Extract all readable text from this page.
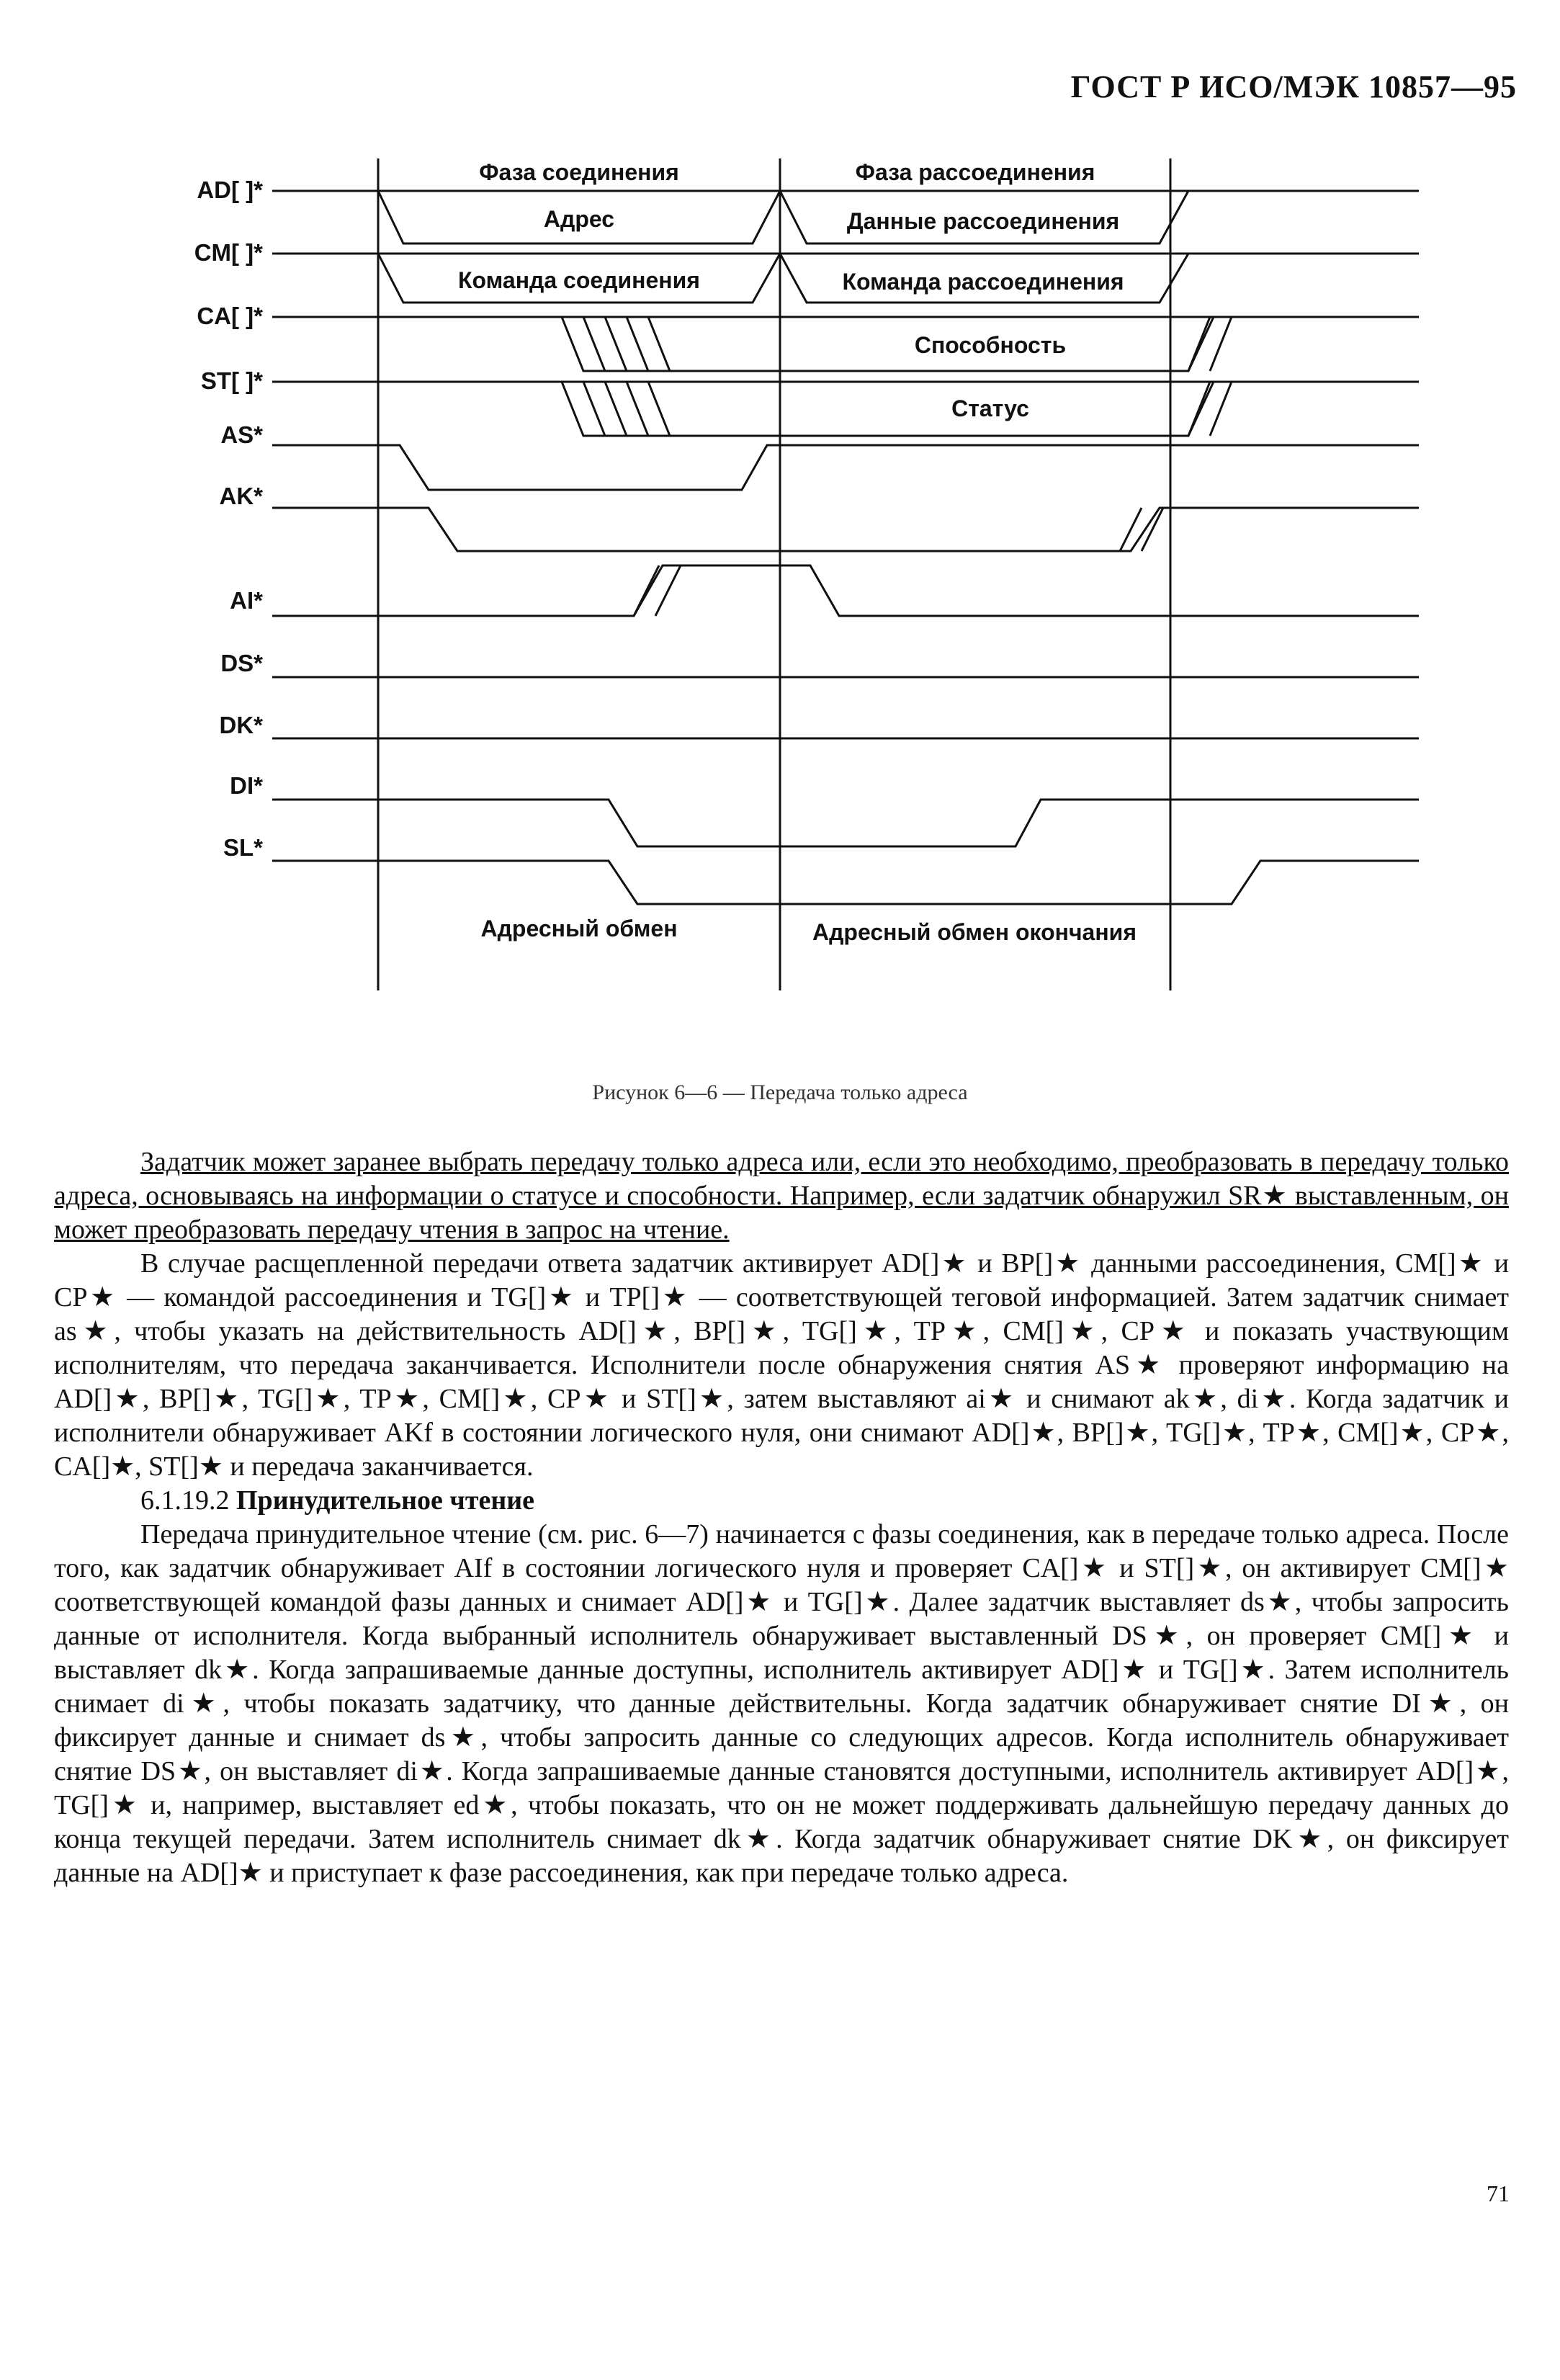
ГОСТ Р ИСО/МЭК 10857—95
AD[ ]*
CM[ ]*
CA[ ]*
ST[ ]*
AS*
AK*
AI*
DS*
DK*
DI*
SL*
Фаза соединения	Фаза рассоединения
Адрес	Данные рассоединения
Команда соединения	Команда рассоединения
Способность
Статус
Адресный обмен	Адресный обмен окончания
Рисунок 6—6 — Передача только адреса

Задатчик может заранее выбрать передачу только адреса или, если это необходимо, преобразовать в передачу только адреса, основываясь на информации о статусе и способности. Например, если задатчик обнаружил SR★ выставленным, он может преобразовать передачу чтения в запрос на чтение.

В случае расщепленной передачи ответа задатчик активирует AD[]★ и BP[]★ данными рассоединения, CM[]★ и CP★ — командой рассоединения и TG[]★ и TP[]★ — соответствующей теговой информацией. Затем задатчик снимает as★, чтобы указать на действительность AD[]★, BP[]★, TG[]★, TP★, CM[]★, CP★ и показать участвующим исполнителям, что передача заканчивается. Исполнители после обнаружения снятия AS★ проверяют информацию на AD[]★, BP[]★, TG[]★, TP★, CM[]★, CP★ и ST[]★, затем выставляют ai★ и снимают ak★, di★. Когда задатчик и исполнители обнаруживает AKf в состоянии логического нуля, они снимают AD[]★, BP[]★, TG[]★, TP★, CM[]★, CP★, CA[]★, ST[]★ и передача заканчивается.

6.1.19.2 Принудительное чтение

Передача принудительное чтение (см. рис. 6—7) начинается с фазы соединения, как в передаче только адреса. После того, как задатчик обнаруживает AIf в состоянии логического нуля и проверяет CA[]★ и ST[]★, он активирует CM[]★ соответствующей командой фазы данных и снимает AD[]★ и TG[]★. Далее задатчик выставляет ds★, чтобы запросить данные от исполнителя. Когда выбранный исполнитель обнаруживает выставленный DS★, он проверяет CM[]★ и выставляет dk★. Когда запрашиваемые данные доступны, исполнитель активирует AD[]★ и TG[]★. Затем исполнитель снимает di★, чтобы показать задатчику, что данные действительны. Когда задатчик обнаруживает снятие DI★, он фиксирует данные и снимает ds★, чтобы запросить данные со следующих адресов. Когда исполнитель обнаруживает снятие DS★, он выставляет di★. Когда запрашиваемые данные становятся доступными, исполнитель активирует AD[]★, TG[]★ и, например, выставляет ed★, чтобы показать, что он не может поддерживать дальнейшую передачу данных до конца текущей передачи. Затем исполнитель снимает dk★. Когда задатчик обнаруживает снятие DK★, он фиксирует данные на AD[]★ и приступает к фазе рассоединения, как при передаче только адреса.

71
